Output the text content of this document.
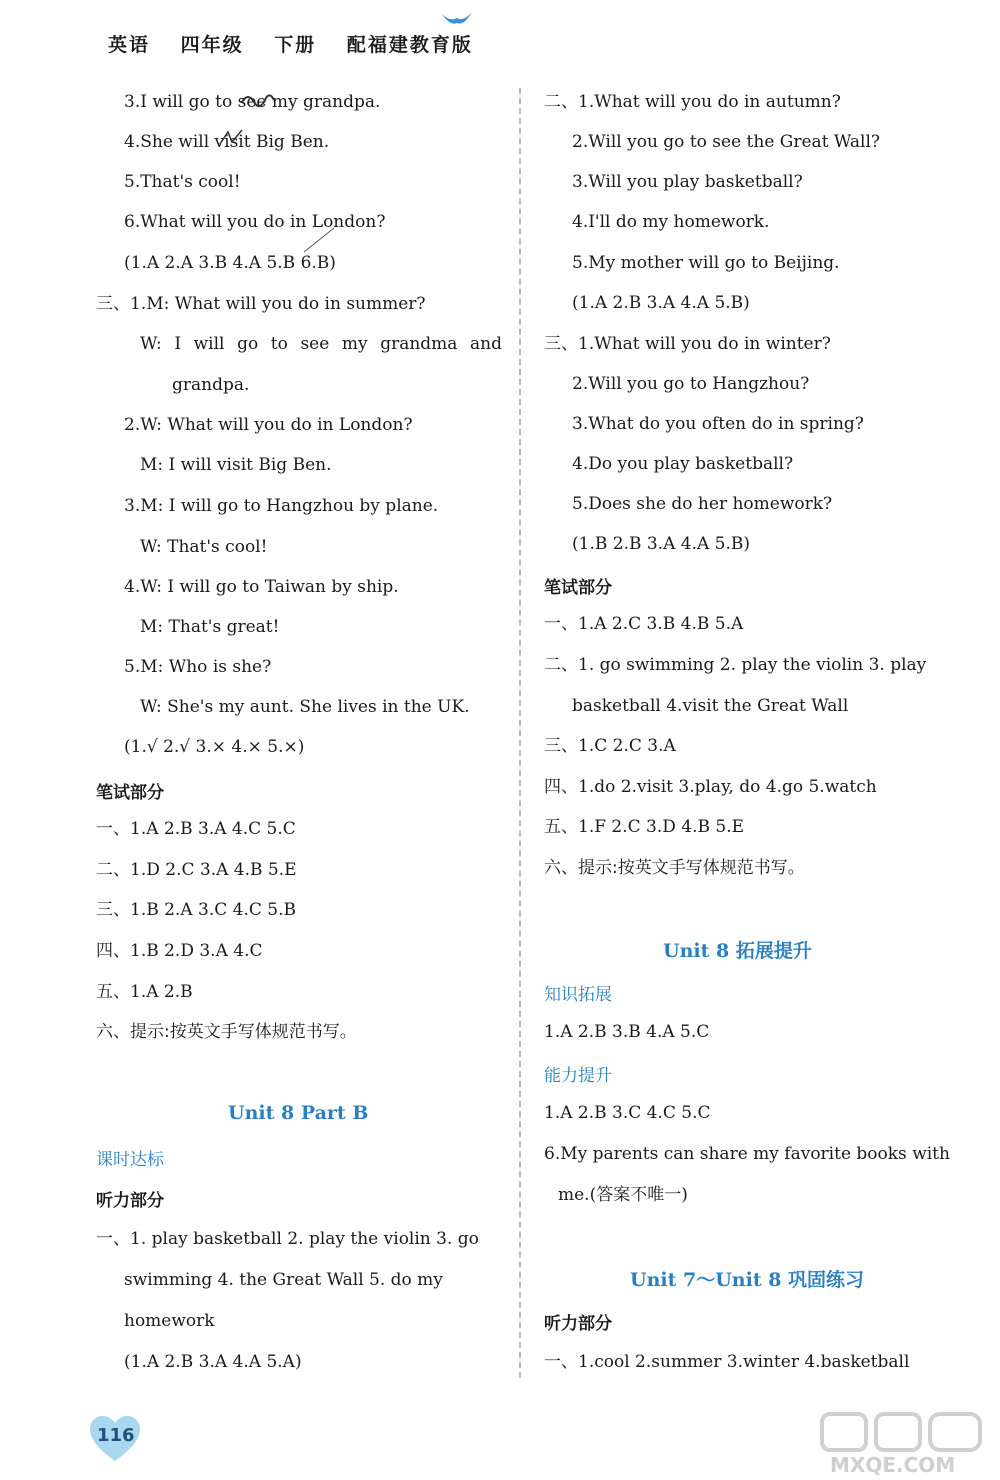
英语 四年级 下册 配福建教育版
3.I will go to see my grandpa.
4.She will visit Big Ben.
5.That's cool!
6.What will you do in London?
(1.A 2.A 3.B 4.A 5.B 6.B)
三、1.M: What will you do in summer?
W: I will go to see my grandma and
grandpa.
2.W: What will you do in London?
M: I will visit Big Ben.
3.M: I will go to Hangzhou by plane.
W: That's cool!
4.W: I will go to Taiwan by ship.
M: That's great!
5.M: Who is she?
W: She's my aunt. She lives in the UK.
(1.√ 2.√ 3.× 4.× 5.×)
笔试部分
一、1.A 2.B 3.A 4.C 5.C
二、1.D 2.C 3.A 4.B 5.E
三、1.B 2.A 3.C 4.C 5.B
四、1.B 2.D 3.A 4.C
五、1.A 2.B
六、提示:按英文手写体规范书写。
Unit 8 Part B
课时达标
听力部分
一、1. play basketball 2. play the violin 3. go
swimming 4. the Great Wall 5. do my
homework
(1.A 2.B 3.A 4.A 5.A)
二、1.What will you do in autumn?
2.Will you go to see the Great Wall?
3.Will you play basketball?
4.I'll do my homework.
5.My mother will go to Beijing.
(1.A 2.B 3.A 4.A 5.B)
三、1.What will you do in winter?
2.Will you go to Hangzhou?
3.What do you often do in spring?
4.Do you play basketball?
5.Does she do her homework?
(1.B 2.B 3.A 4.A 5.B)
笔试部分
一、1.A 2.C 3.B 4.B 5.A
二、1. go swimming 2. play the violin 3. play
basketball 4.visit the Great Wall
三、1.C 2.C 3.A
四、1.do 2.visit 3.play, do 4.go 5.watch
五、1.F 2.C 3.D 4.B 5.E
六、提示:按英文手写体规范书写。
Unit 8 拓展提升
知识拓展
1.A 2.B 3.B 4.A 5.C
能力提升
1.A 2.B 3.C 4.C 5.C
6.My parents can share my favorite books with
me.(答案不唯一)
Unit 7～Unit 8 巩固练习
听力部分
一、1.cool 2.summer 3.winter 4.basketball
116
MXQE.COM
